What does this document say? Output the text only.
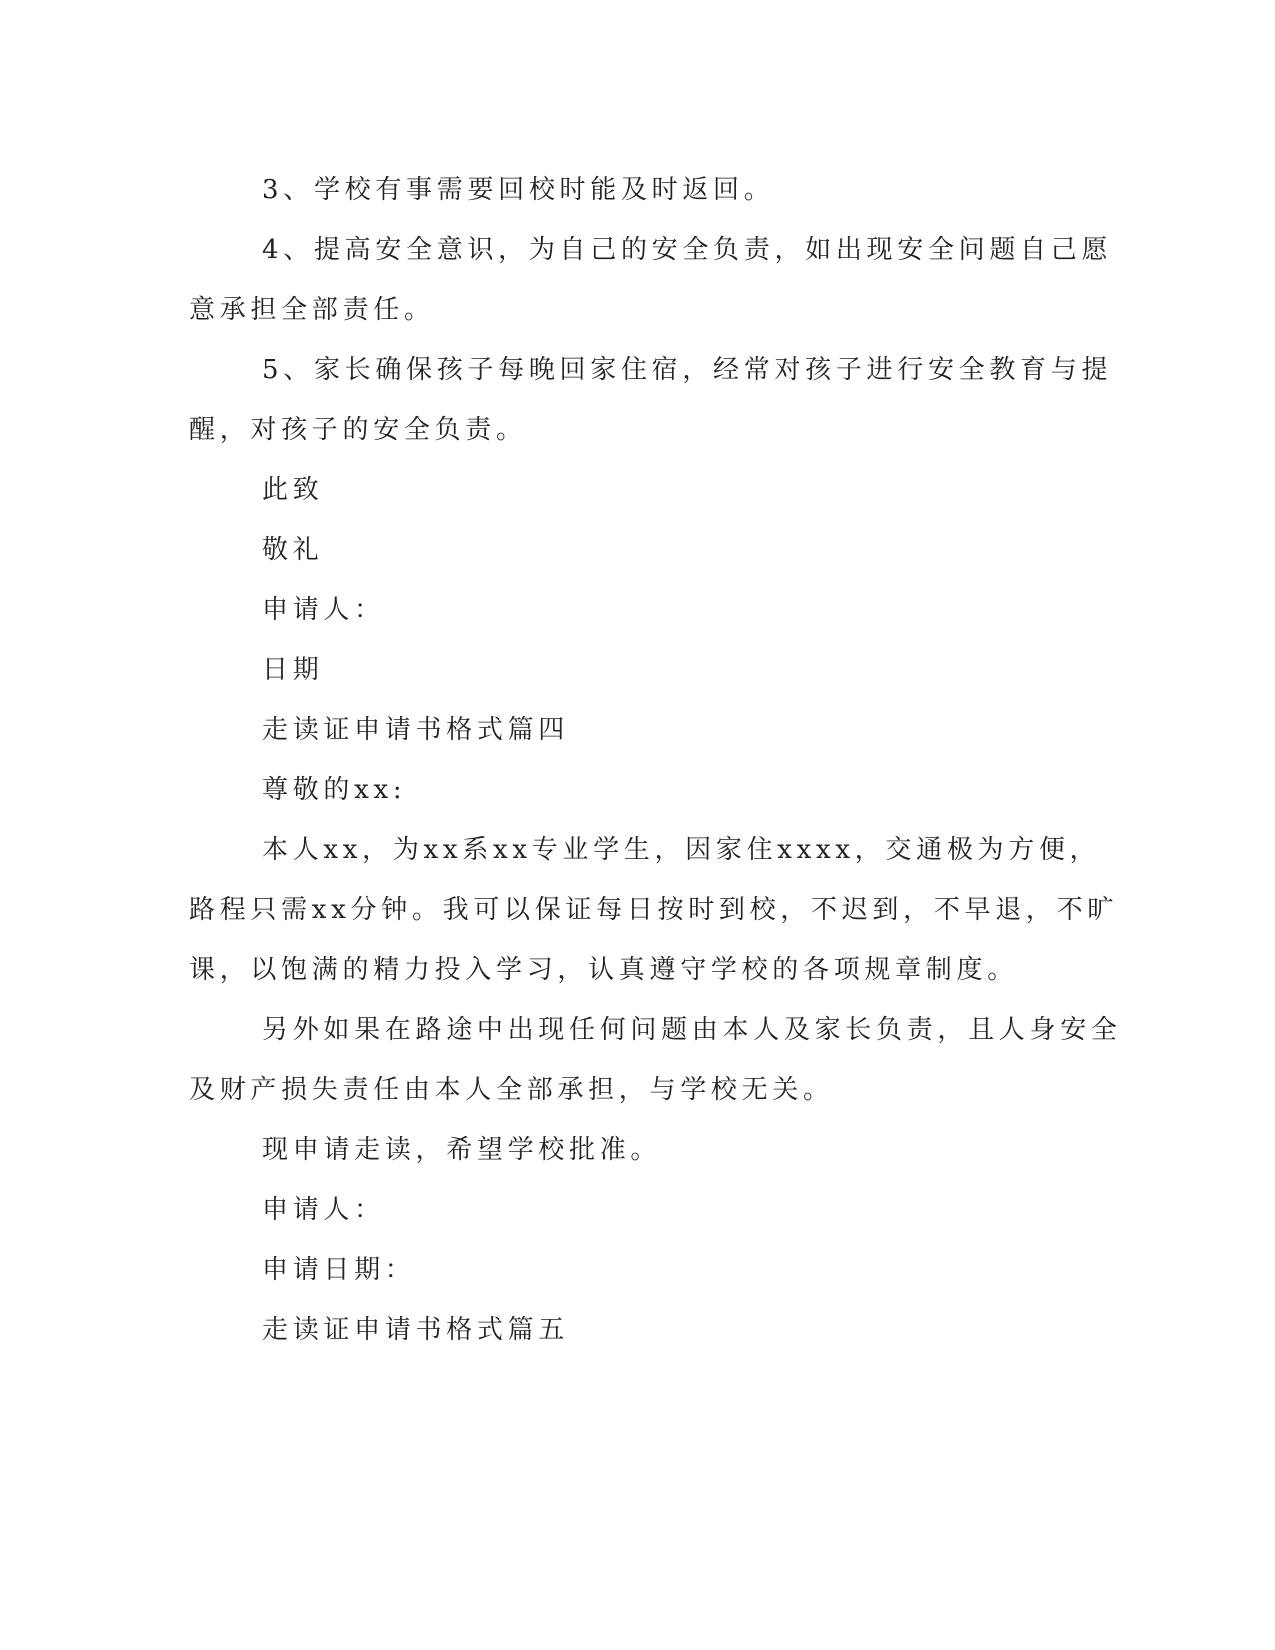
3、学校有事需要回校时能及时返回。
4、提高安全意识，为自己的安全负责，如出现安全问题自己愿
意承担全部责任。
5、家长确保孩子每晚回家住宿，经常对孩子进行安全教育与提
醒，对孩子的安全负责。
此致
敬礼
申请人：
日期
走读证申请书格式篇四
尊敬的xx:
本人xx，为xx系xx专业学生，因家住xxxx，交通极为方便，
路程只需xx分钟。我可以保证每日按时到校，不迟到，不早退，不旷
课，以饱满的精力投入学习，认真遵守学校的各项规章制度。
另外如果在路途中出现任何问题由本人及家长负责，且人身安全
及财产损失责任由本人全部承担，与学校无关。
现申请走读，希望学校批准。
申请人：
申请日期：
走读证申请书格式篇五
